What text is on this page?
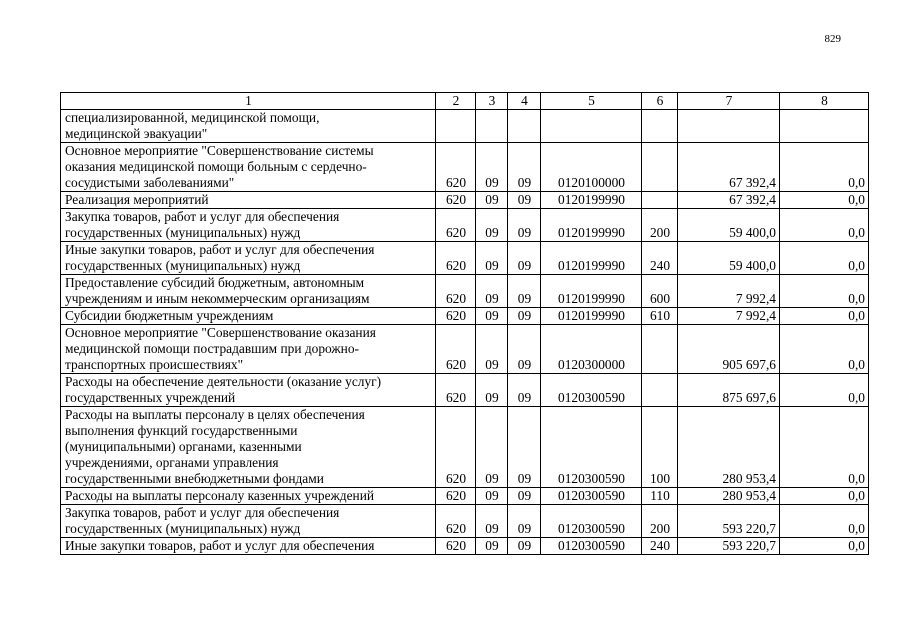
829
1	2	3	4	5	6	7	8
специализированной, медицинской помощи,
медицинской эвакуации"							
Основное мероприятие "Совершенствование системы
оказания медицинской помощи больным с сердечно-
сосудистыми заболеваниями"	620	09	09	0120100000		67 392,4	0,0
Реализация мероприятий	620	09	09	0120199990		67 392,4	0,0
Закупка товаров, работ и услуг для обеспечения
государственных (муниципальных) нужд	620	09	09	0120199990	200	59 400,0	0,0
Иные закупки товаров, работ и услуг для обеспечения
государственных (муниципальных) нужд	620	09	09	0120199990	240	59 400,0	0,0
Предоставление субсидий бюджетным, автономным
учреждениям и иным некоммерческим организациям	620	09	09	0120199990	600	7 992,4	0,0
Субсидии бюджетным учреждениям	620	09	09	0120199990	610	7 992,4	0,0
Основное мероприятие "Совершенствование оказания
медицинской помощи пострадавшим при дорожно-
транспортных происшествиях"	620	09	09	0120300000		905 697,6	0,0
Расходы на обеспечение деятельности (оказание услуг)
государственных учреждений	620	09	09	0120300590		875 697,6	0,0
Расходы на выплаты персоналу в целях обеспечения
выполнения функций государственными
(муниципальными) органами, казенными
учреждениями, органами управления
государственными внебюджетными фондами	620	09	09	0120300590	100	280 953,4	0,0
Расходы на выплаты персоналу казенных учреждений	620	09	09	0120300590	110	280 953,4	0,0
Закупка товаров, работ и услуг для обеспечения
государственных (муниципальных) нужд	620	09	09	0120300590	200	593 220,7	0,0
Иные закупки товаров, работ и услуг для обеспечения	620	09	09	0120300590	240	593 220,7	0,0
